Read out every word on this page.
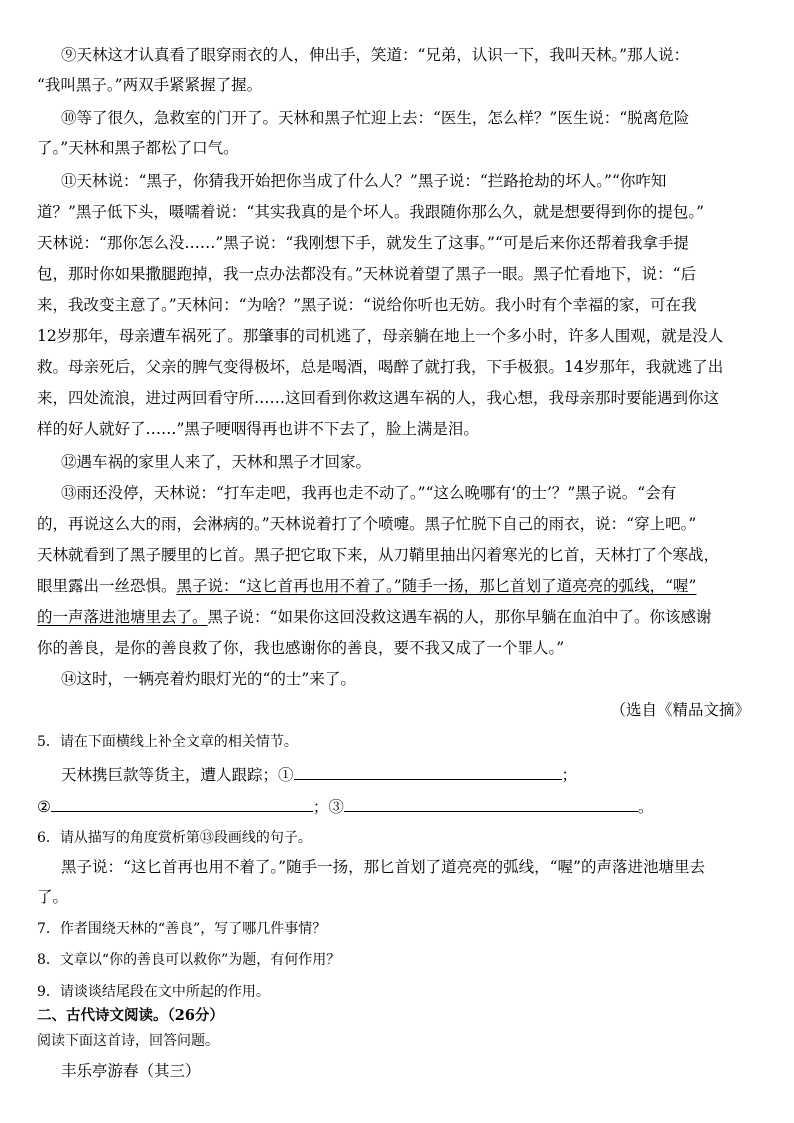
⑨天林这才认真看了眼穿雨衣的人，伸出手，笑道：“兄弟，认识一下，我叫天林。”那人说：
“我叫黑子。”两双手紧紧握了握。
⑩等了很久，急救室的门开了。天林和黑子忙迎上去：“医生，怎么样？”医生说：“脱离危险
了。”天林和黑子都松了口气。
⑪天林说：“黑子，你猜我开始把你当成了什么人？”黑子说：“拦路抢劫的坏人。”“你咋知
道？”黑子低下头，嗫嚅着说：“其实我真的是个坏人。我跟随你那么久，就是想要得到你的提包。”
天林说：“那你怎么没……”黑子说：“我刚想下手，就发生了这事。”“可是后来你还帮着我拿手提
包，那时你如果撒腿跑掉，我一点办法都没有。”天林说着望了黑子一眼。黑子忙看地下，说：“后
来，我改变主意了。”天林问：“为啥？”黑子说：“说给你听也无妨。我小时有个幸福的家，可在我
12岁那年，母亲遭车祸死了。那肇事的司机逃了，母亲躺在地上一个多小时，许多人围观，就是没人
救。母亲死后，父亲的脾气变得极坏，总是喝酒，喝醉了就打我，下手极狠。14岁那年，我就逃了出
来，四处流浪，进过两回看守所……这回看到你救这遇车祸的人，我心想，我母亲那时要能遇到你这
样的好人就好了……”黑子哽咽得再也讲不下去了，脸上满是泪。
⑫遇车祸的家里人来了，天林和黑子才回家。
⑬雨还没停，天林说：“打车走吧，我再也走不动了。”“这么晚哪有‘的士’？”黑子说。“会有
的，再说这么大的雨，会淋病的。”天林说着打了个喷嚏。黑子忙脱下自己的雨衣，说：“穿上吧。”
天林就看到了黑子腰里的匕首。黑子把它取下来，从刀鞘里抽出闪着寒光的匕首，天林打了个寒战，
眼里露出一丝恐惧。黑子说：“这匕首再也用不着了。”随手一扬，那匕首划了道亮亮的弧线，“喔”
的一声落进池塘里去了。黑子说：“如果你这回没救这遇车祸的人，那你早躺在血泊中了。你该感谢
你的善良，是你的善良救了你，我也感谢你的善良，要不我又成了一个罪人。”
⑭这时，一辆亮着灼眼灯光的“的士”来了。
（选自《精品文摘》
5．请在下面横线上补全文章的相关情节。
天林携巨款等货主，遭人跟踪；①	；
②	；③	。
6．请从描写的角度赏析第⑬段画线的句子。
黑子说：“这匕首再也用不着了。”随手一扬，那匕首划了道亮亮的弧线，“喔”的声落进池塘里去
了。
7．作者围绕天林的“善良”，写了哪几件事情？
8．文章以“你的善良可以救你”为题，有何作用？
9．请谈谈结尾段在文中所起的作用。
二、古代诗文阅读。（26分）
阅读下面这首诗，回答问题。
丰乐亭游春（其三）
